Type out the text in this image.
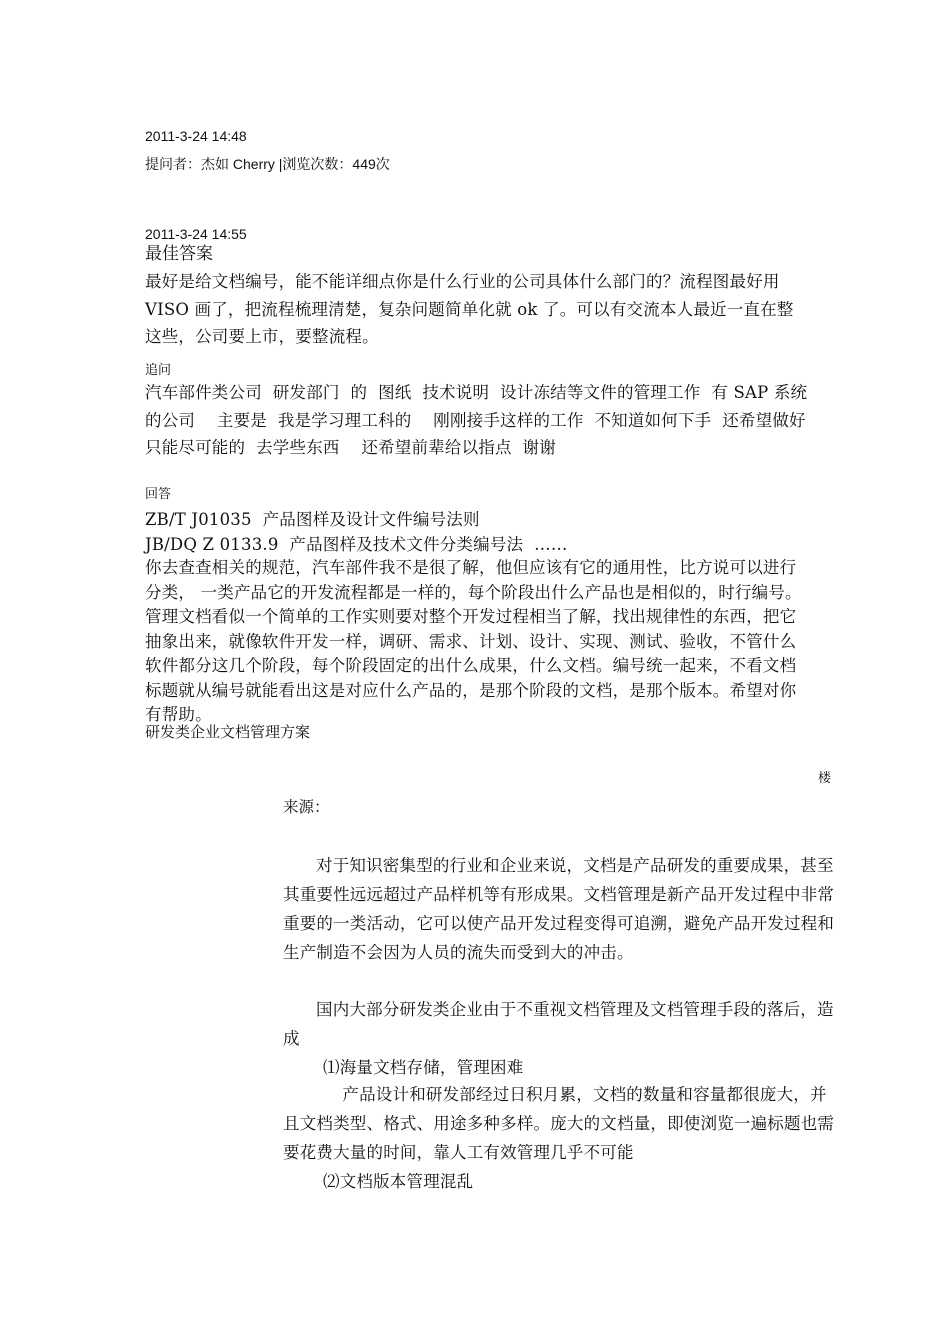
2011-3-24 14:48
提问者：杰如 Cherry |浏览次数：449次
2011-3-24 14:55
最佳答案
最好是给文档编号，能不能详细点你是什么行业的公司具体什么部门的？流程图最好用 VISO 画了，把流程梳理清楚，复杂问题简单化就 ok 了。可以有交流本人最近一直在整这些，公司要上市，要整流程。
追问
汽车部件类公司  研发部门  的  图纸  技术说明  设计冻结等文件的管理工作  有 SAP 系统的公司    主要是  我是学习理工科的    刚刚接手这样的工作  不知道如何下手  还希望做好  只能尽可能的  去学些东西    还希望前辈给以指点  谢谢
回答
ZB/T J01035  产品图样及设计文件编号法则
JB/DQ Z 0133.9  产品图样及技术文件分类编号法  ……
你去查查相关的规范，汽车部件我不是很了解，他但应该有它的通用性，比方说可以进行分类， 一类产品它的开发流程都是一样的，每个阶段出什么产品也是相似的，时行编号。管理文档看似一个简单的工作实则要对整个开发过程相当了解，找出规律性的东西，把它抽象出来，就像软件开发一样，调研、需求、计划、设计、实现、测试、验收，不管什么软件都分这几个阶段，每个阶段固定的出什么成果，什么文档。编号统一起来，不看文档标题就从编号就能看出这是对应什么产品的，是那个阶段的文档，是那个版本。希望对你有帮助。
研发类企业文档管理方案
楼
来源：
对于知识密集型的行业和企业来说，文档是产品研发的重要成果，甚至其重要性远远超过产品样机等有形成果。文档管理是新产品开发过程中非常重要的一类活动，它可以使产品开发过程变得可追溯，避免产品开发过程和生产制造不会因为人员的流失而受到大的冲击。
国内大部分研发类企业由于不重视文档管理及文档管理手段的落后，造成
⑴海量文档存储，管理困难
产品设计和研发部经过日积月累，文档的数量和容量都很庞大，并且文档类型、格式、用途多种多样。庞大的文档量，即使浏览一遍标题也需要花费大量的时间，靠人工有效管理几乎不可能
⑵文档版本管理混乱
